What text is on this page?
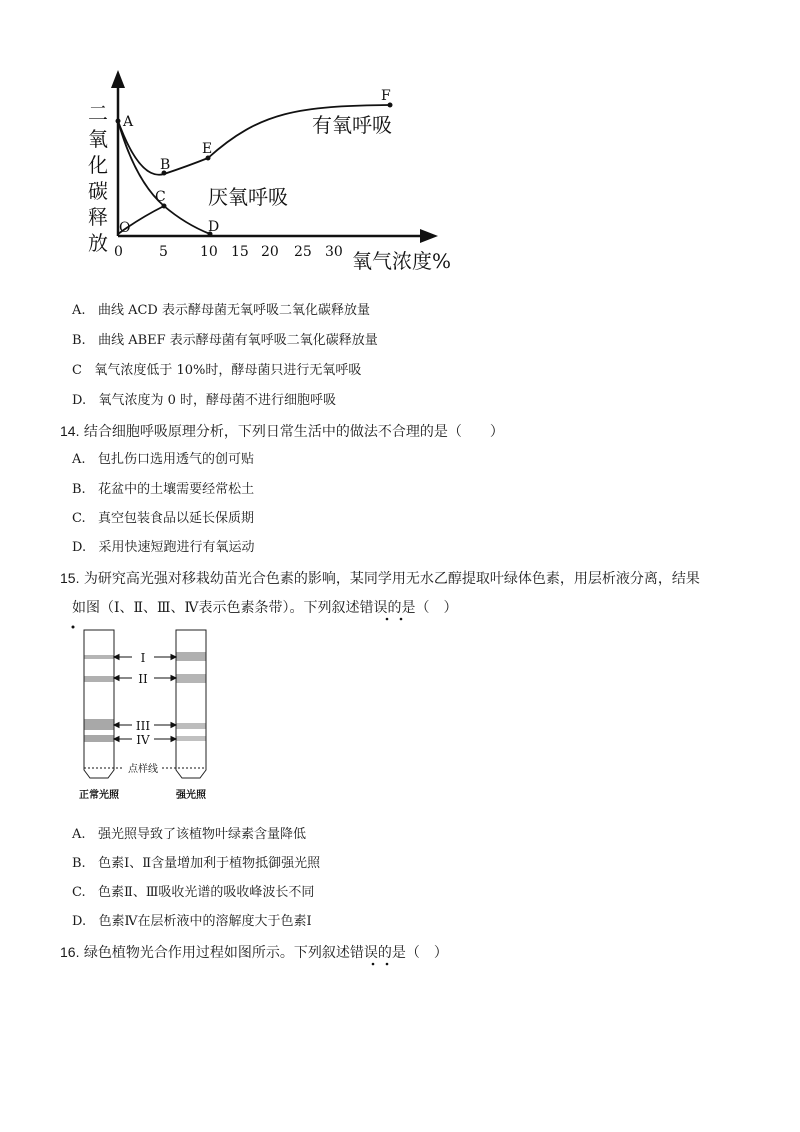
二
氧
化
碳
释
放 0	5 10 15 20 25 30 氧气浓度%
A
B
C
D
E
F
O
有氧呼吸
厌氧呼吸
A. 曲线 ACD 表示酵母菌无氧呼吸二氧化碳释放量
B. 曲线 ABEF 表示酵母菌有氧呼吸二氧化碳释放量
C 氧气浓度低于 10%时，酵母菌只进行无氧呼吸
D. 氧气浓度为 0 时，酵母菌不进行细胞呼吸
14. 结合细胞呼吸原理分析，下列日常生活中的做法不合理的是（　　）
A. 包扎伤口选用透气的创可贴
B. 花盆中的土壤需要经常松土
C. 真空包装食品以延长保质期
D. 采用快速短跑进行有氧运动
15. 为研究高光强对移栽幼苗光合色素的影响，某同学用无水乙醇提取叶绿体色素，用层析液分离，结果
如图（Ⅰ、Ⅱ、Ⅲ、Ⅳ表示色素条带）。下列叙述错误的是（　）
I
II
III
IV
点样线
正常光照	强光照
A. 强光照导致了该植物叶绿素含量降低
B. 色素Ⅰ、Ⅱ含量增加利于植物抵御强光照
C. 色素Ⅱ、Ⅲ吸收光谱的吸收峰波长不同
D. 色素Ⅳ在层析液中的溶解度大于色素Ⅰ
16. 绿色植物光合作用过程如图所示。下列叙述错误的是（　）
